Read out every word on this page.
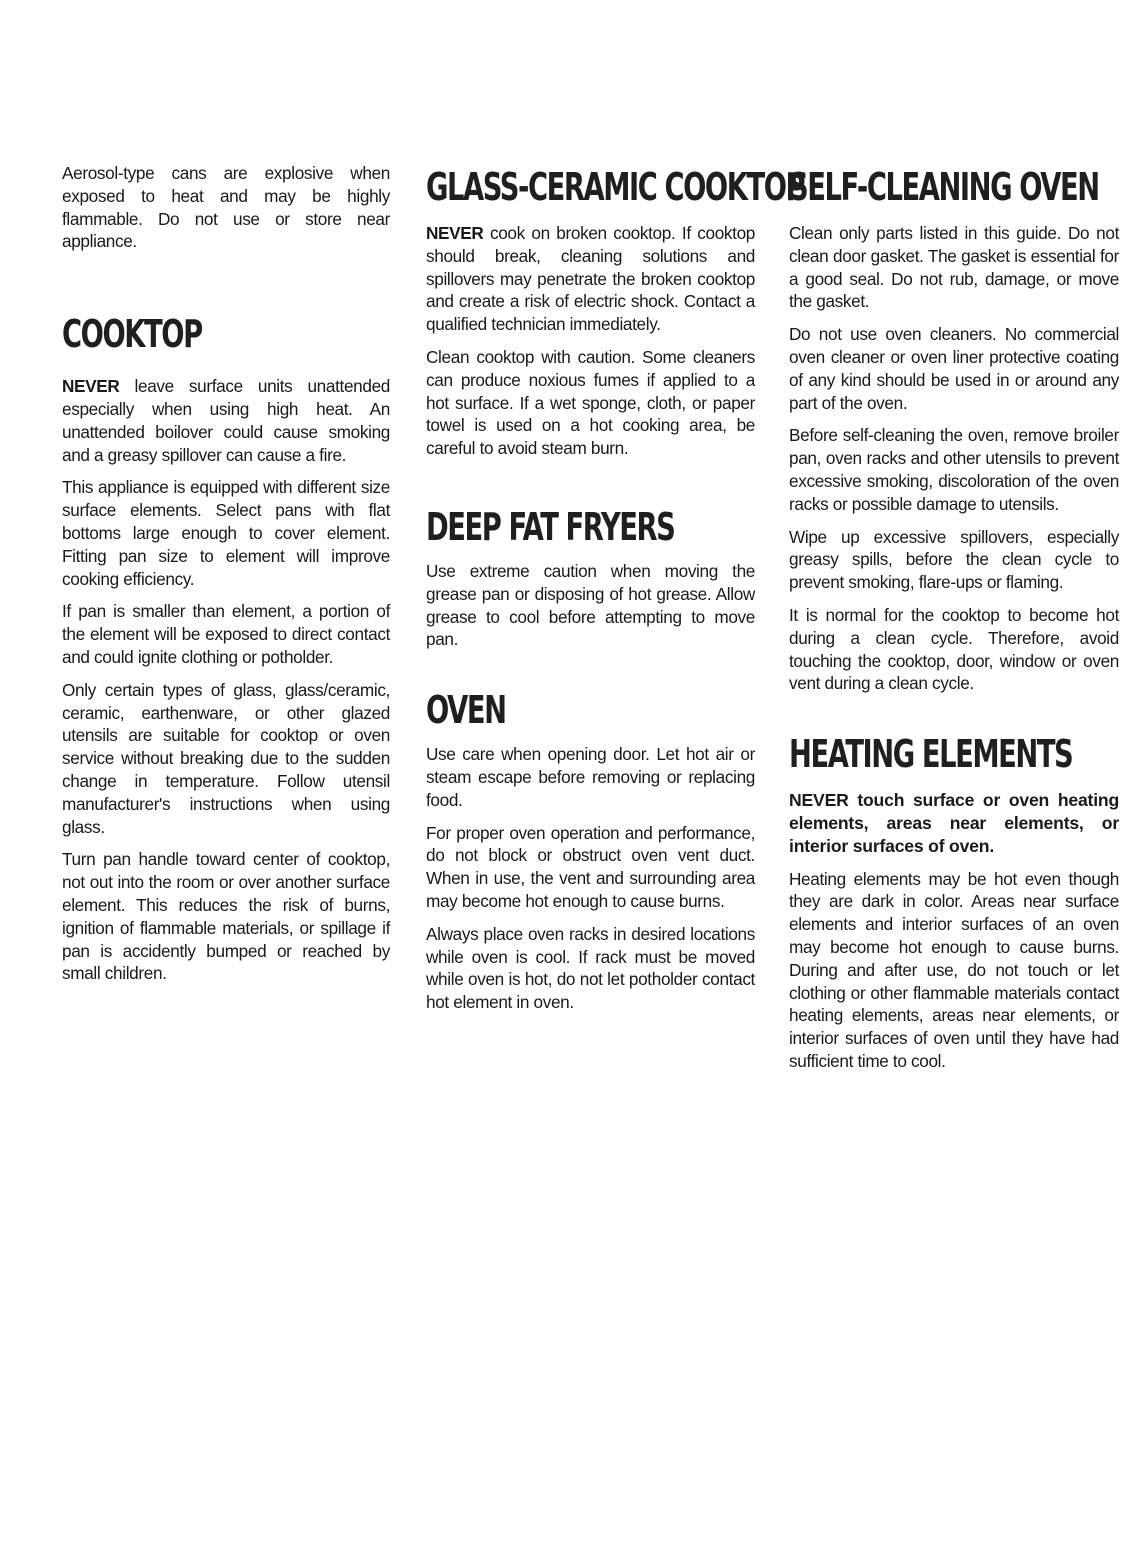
Aerosol-type cans are explosive when exposed to heat and may be highly flammable. Do not use or store near appliance.

COOKTOP

NEVER leave surface units unattended especially when using high heat. An unattended boilover could cause smoking and a greasy spillover can cause a fire.

This appliance is equipped with different size surface elements. Select pans with flat bottoms large enough to cover element. Fitting pan size to element will improve cooking efficiency.

If pan is smaller than element, a portion of the element will be exposed to direct contact and could ignite clothing or potholder.

Only certain types of glass, glass/ceramic, ceramic, earthenware, or other glazed utensils are suitable for cooktop or oven service without breaking due to the sudden change in temperature. Follow utensil manufacturer's instructions when using glass.

Turn pan handle toward center of cooktop, not out into the room or over another surface element. This reduces the risk of burns, ignition of flammable materials, or spillage if pan is accidently bumped or reached by small children.

GLASS-CERAMIC COOKTOP

NEVER cook on broken cooktop. If cooktop should break, cleaning solutions and spillovers may penetrate the broken cooktop and create a risk of electric shock. Contact a qualified technician immediately.

Clean cooktop with caution. Some cleaners can produce noxious fumes if applied to a hot surface. If a wet sponge, cloth, or paper towel is used on a hot cooking area, be careful to avoid steam burn.

DEEP FAT FRYERS

Use extreme caution when moving the grease pan or disposing of hot grease. Allow grease to cool before attempting to move pan.

OVEN

Use care when opening door. Let hot air or steam escape before removing or replacing food.

For proper oven operation and performance, do not block or obstruct oven vent duct. When in use, the vent and surrounding area may become hot enough to cause burns.

Always place oven racks in desired locations while oven is cool. If rack must be moved while oven is hot, do not let potholder contact hot element in oven.

SELF-CLEANING OVEN

Clean only parts listed in this guide. Do not clean door gasket. The gasket is essential for a good seal. Do not rub, damage, or move the gasket.

Do not use oven cleaners. No commercial oven cleaner or oven liner protective coating of any kind should be used in or around any part of the oven.

Before self-cleaning the oven, remove broiler pan, oven racks and other utensils to prevent excessive smoking, discoloration of the oven racks or possible damage to utensils.

Wipe up excessive spillovers, especially greasy spills, before the clean cycle to prevent smoking, flare-ups or flaming.

It is normal for the cooktop to become hot during a clean cycle. Therefore, avoid touching the cooktop, door, window or oven vent during a clean cycle.

HEATING ELEMENTS

NEVER touch surface or oven heating elements, areas near elements, or interior surfaces of oven.

Heating elements may be hot even though they are dark in color. Areas near surface elements and interior surfaces of an oven may become hot enough to cause burns. During and after use, do not touch or let clothing or other flammable materials contact heating elements, areas near elements, or interior surfaces of oven until they have had sufficient time to cool.
